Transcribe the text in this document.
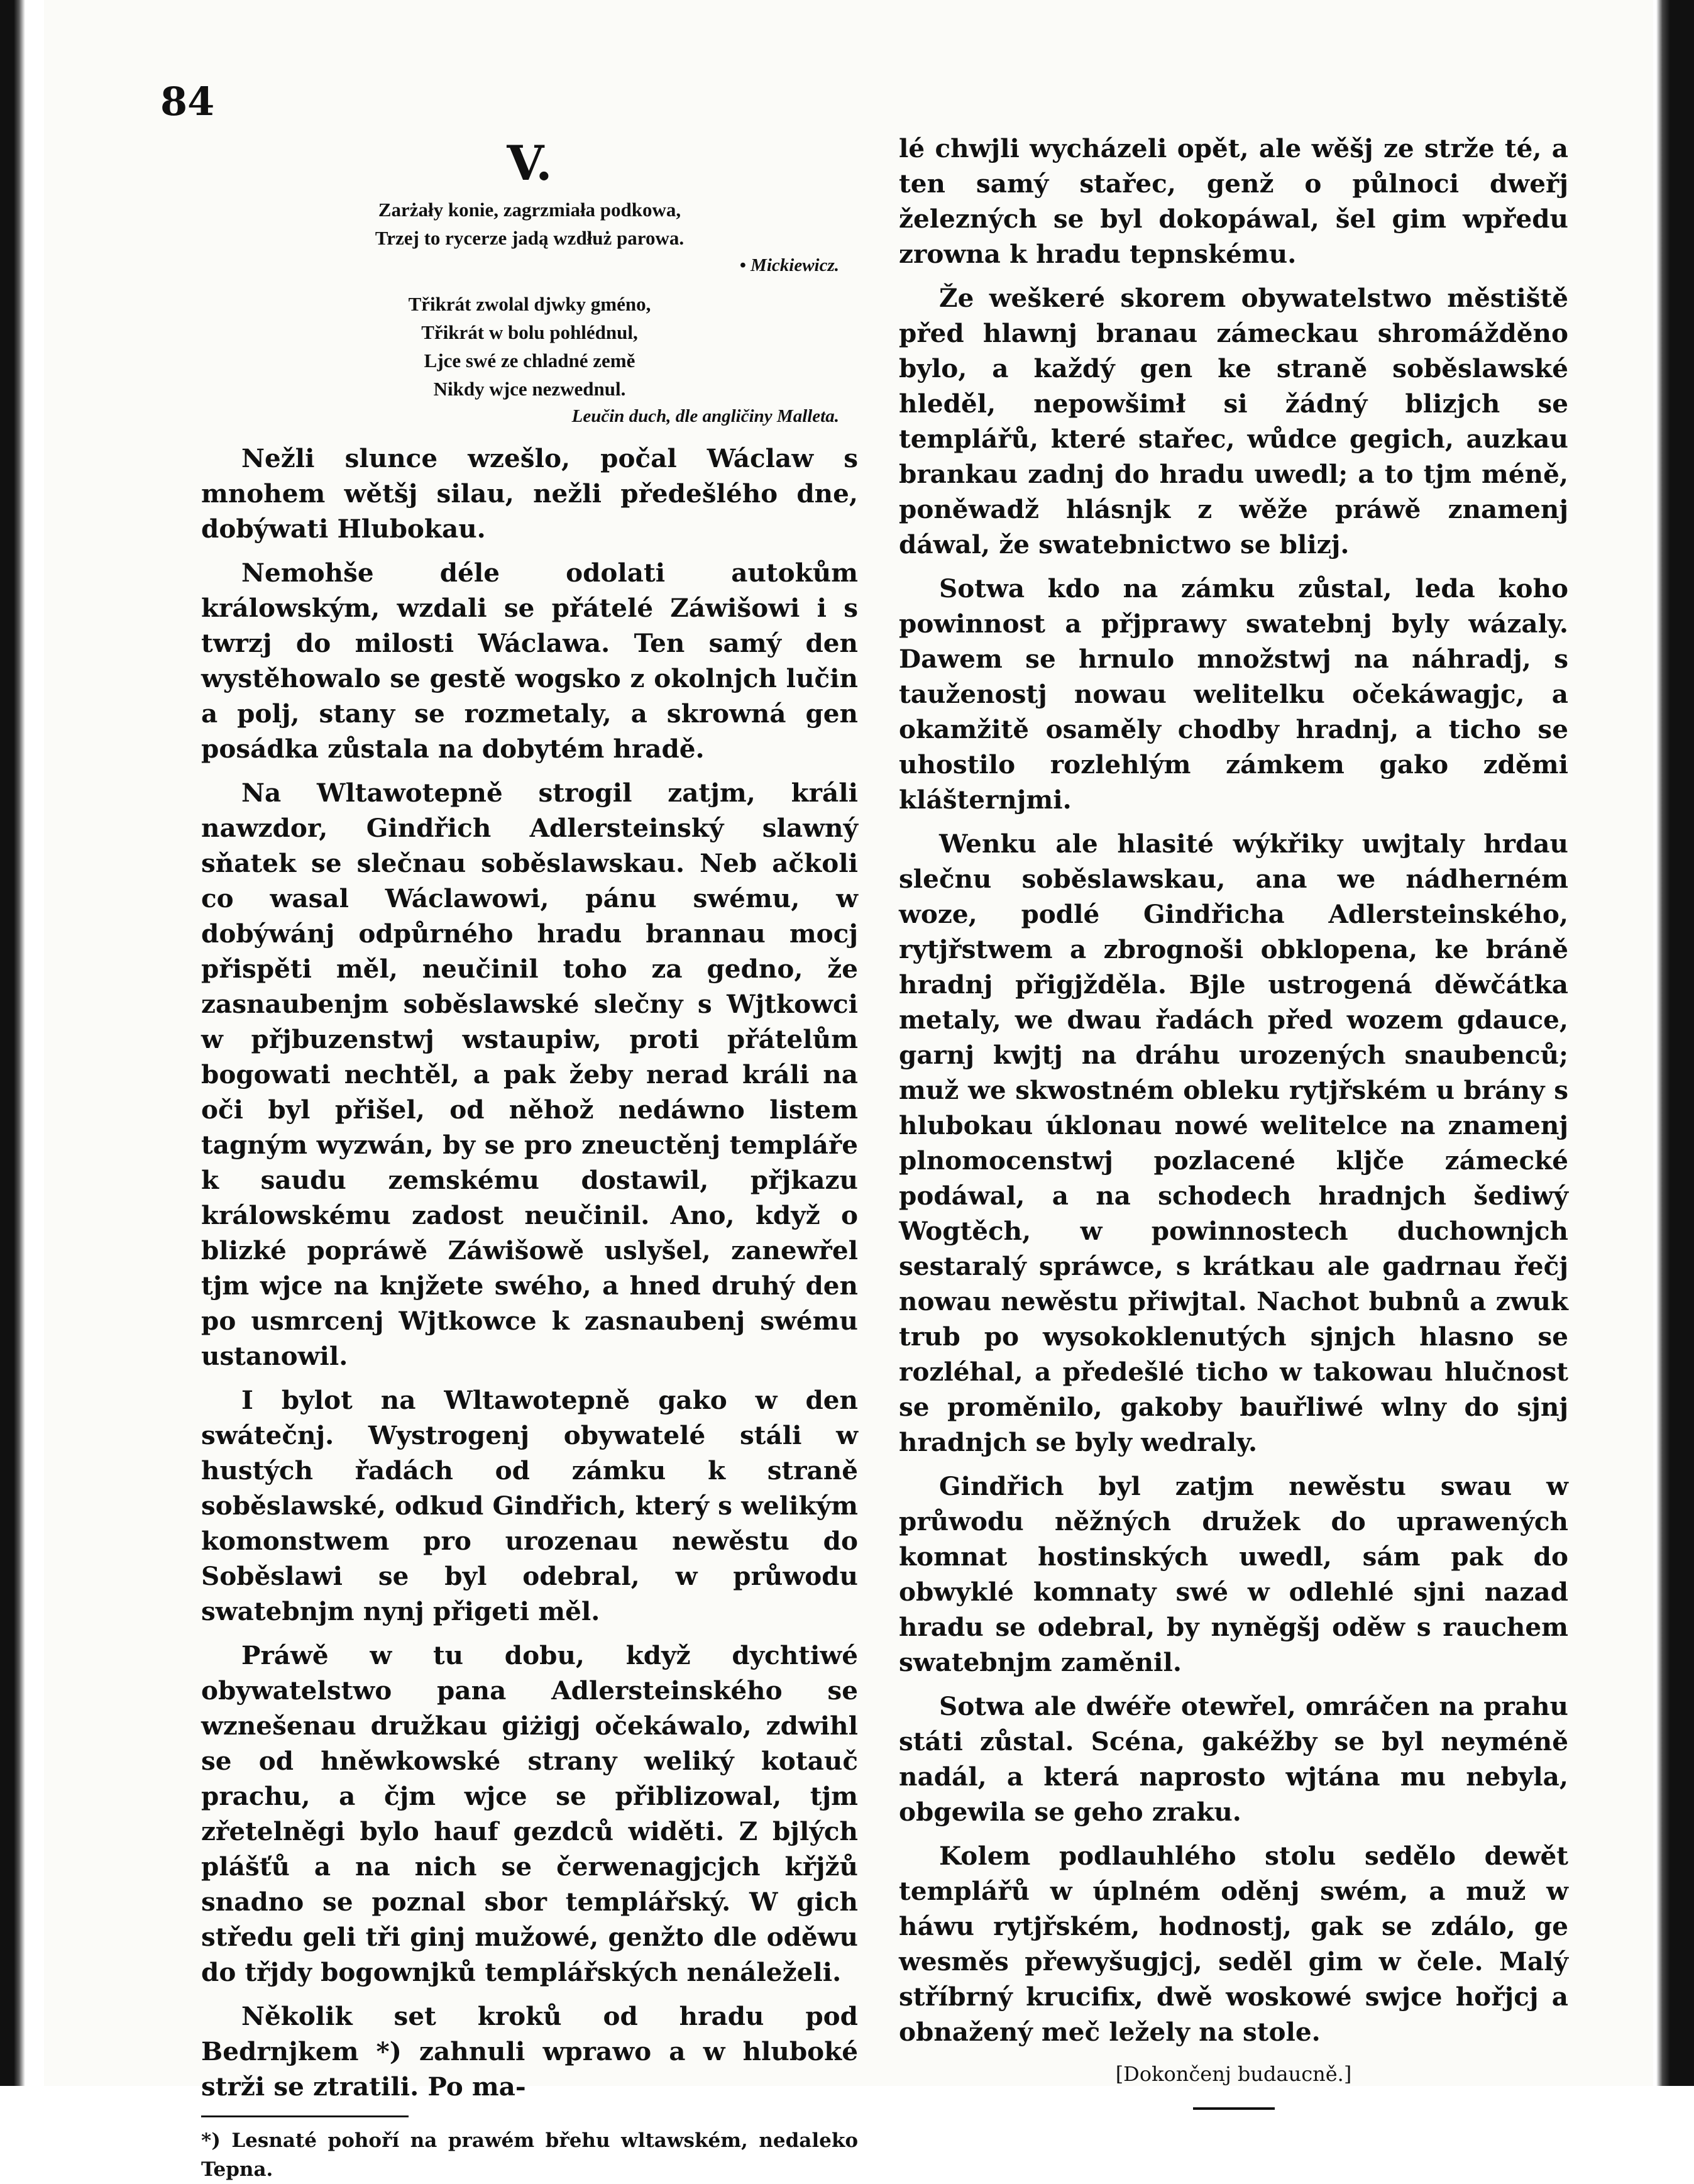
84
V.
Zarżały konie, zagrzmiała podkowa,
Trzej to rycerze jadą wzdłuż parowa.
• Mickiewicz.
Třikrát zwolal djwky gméno,
Třikrát w bolu pohlédnul,
Ljce swé ze chladné země
Nikdy wjce nezwednul.
Leučin duch, dle angličiny Malleta.

Nežli slunce wzešlo, počal Wáclaw s mnohem wětšj silau, nežli předešlého dne, dobýwati Hlubokau.

Nemohše déle odolati autokům králowským, wzdali se přátelé Záwišowi i s twrzj do milosti Wáclawa. Ten samý den wystěhowalo se gestě wogsko z okolnjch lučin a polj, stany se rozmetaly, a skrowná gen posádka zůstala na dobytém hradě.

Na Wltawotepně strogil zatjm, králi nawzdor, Gindřich Adlersteinský slawný sňatek se slečnau soběslawskau. Neb ačkoli co wasal Wáclawowi, pánu swému, w dobýwánj odpůrného hradu brannau mocj přispěti měl, neučinil toho za gedno, že zasnaubenjm soběslawské slečny s Wjtkowci w přjbuzenstwj wstaupiw, proti přátelům bogowati nechtěl, a pak žeby nerad králi na oči byl přišel, od něhož nedáwno listem tagným wyzwán, by se pro zneuctěnj templáře k saudu zemskému dostawil, přjkazu králowskému zadost neučinil. Ano, když o blizké popráwě Záwišowě uslyšel, zanewřel tjm wjce na knjžete swého, a hned druhý den po usmrcenj Wjtkowce k zasnaubenj swému ustanowil.

I bylot na Wltawotepně gako w den swátečnj. Wystrogenj obywatelé stáli w hustých řadách od zámku k straně soběslawské, odkud Gindřich, který s welikým komonstwem pro urozenau newěstu do Soběslawi se byl odebral, w průwodu swatebnjm nynj přigeti měl.

Práwě w tu dobu, když dychtiwé obywatelstwo pana Adlersteinského se wznešenau družkau giżigj očekáwalo, zdwihl se od hněwkowské strany weliký kotauč prachu, a čjm wjce se přiblizowal, tjm zřetelněgi bylo hauf gezdců widěti. Z bjlých plášťů a na nich se čerwenagjcjch křjžů snadno se poznal sbor templářský. W gich středu geli tři ginj mužowé, genžto dle oděwu do třjdy bogownjků templářských nenáleželi.

Několik set kroků od hradu pod Bedrnjkem *) zahnuli wprawo a w hluboké strži se ztratili. Po ma-

*) Lesnaté pohoří na prawém břehu wltawském, nedaleko Tepna.

lé chwjli wycházeli opět, ale wěšj ze strže té, a ten samý stařec, genž o půlnoci dweřj železných se byl dokopáwal, šel gim wpředu zrowna k hradu tepnskému.

Že weškeré skorem obywatelstwo městiště před hlawnj branau zámeckau shromážděno bylo, a každý gen ke straně soběslawské hleděl, nepowšimł si žádný blizjch se templářů, které stařec, wůdce gegich, auzkau brankau zadnj do hradu uwedl; a to tjm méně, poněwadž hlásnjk z wěže práwě znamenj dáwal, že swatebnictwo se blizj.

Sotwa kdo na zámku zůstal, leda koho powinnost a přjprawy swatebnj byly wázaly. Dawem se hrnulo množstwj na náhradj, s tauženostj nowau welitelku očekáwagjc, a okamžitě osaměly chodby hradnj, a ticho se uhostilo rozlehlým zámkem gako zděmi klášternjmi.

Wenku ale hlasité wýkřiky uwjtaly hrdau slečnu soběslawskau, ana we nádherném woze, podlé Gindřicha Adlersteinského, rytjřstwem a zbrognoši obklopena, ke bráně hradnj přigjžděla. Bjle ustrogená děwčátka metaly, we dwau řadách před wozem gdauce, garnj kwjtj na dráhu urozených snaubenců; muž we skwostném obleku rytjřském u brány s hlubokau úklonau nowé welitelce na znamenj plnomocenstwj pozlacené kljče zámecké podáwal, a na schodech hradnjch šediwý Wogtěch, w powinnostech duchownjch sestaralý spráwce, s krátkau ale gadrnau řečj nowau newěstu přiwjtal. Nachot bubnů a zwuk trub po wysokoklenutých sjnjch hlasno se rozléhal, a předešlé ticho w takowau hlučnost se proměnilo, gakoby bauřliwé wlny do sjnj hradnjch se byly wedraly.

Gindřich byl zatjm newěstu swau w průwodu něžných družek do uprawených komnat hostinských uwedl, sám pak do obwyklé komnaty swé w odlehlé sjni nazad hradu se odebral, by nyněgšj oděw s rauchem swatebnjm zaměnil.

Sotwa ale dwéře otewřel, omráčen na prahu státi zůstal. Scéna, gakéžby se byl neyméně nadál, a která naprosto wjtána mu nebyla, obgewila se geho zraku.

Kolem podlauhlého stolu sedělo dewět templářů w úplném oděnj swém, a muž w háwu rytjřském, hodnostj, gak se zdálo, ge wesměs přewyšugjcj, seděl gim w čele. Malý stříbrný krucifix, dwě woskowé swjce hořjcj a obnažený meč ležely na stole.

[Dokončenj budaucně.]
